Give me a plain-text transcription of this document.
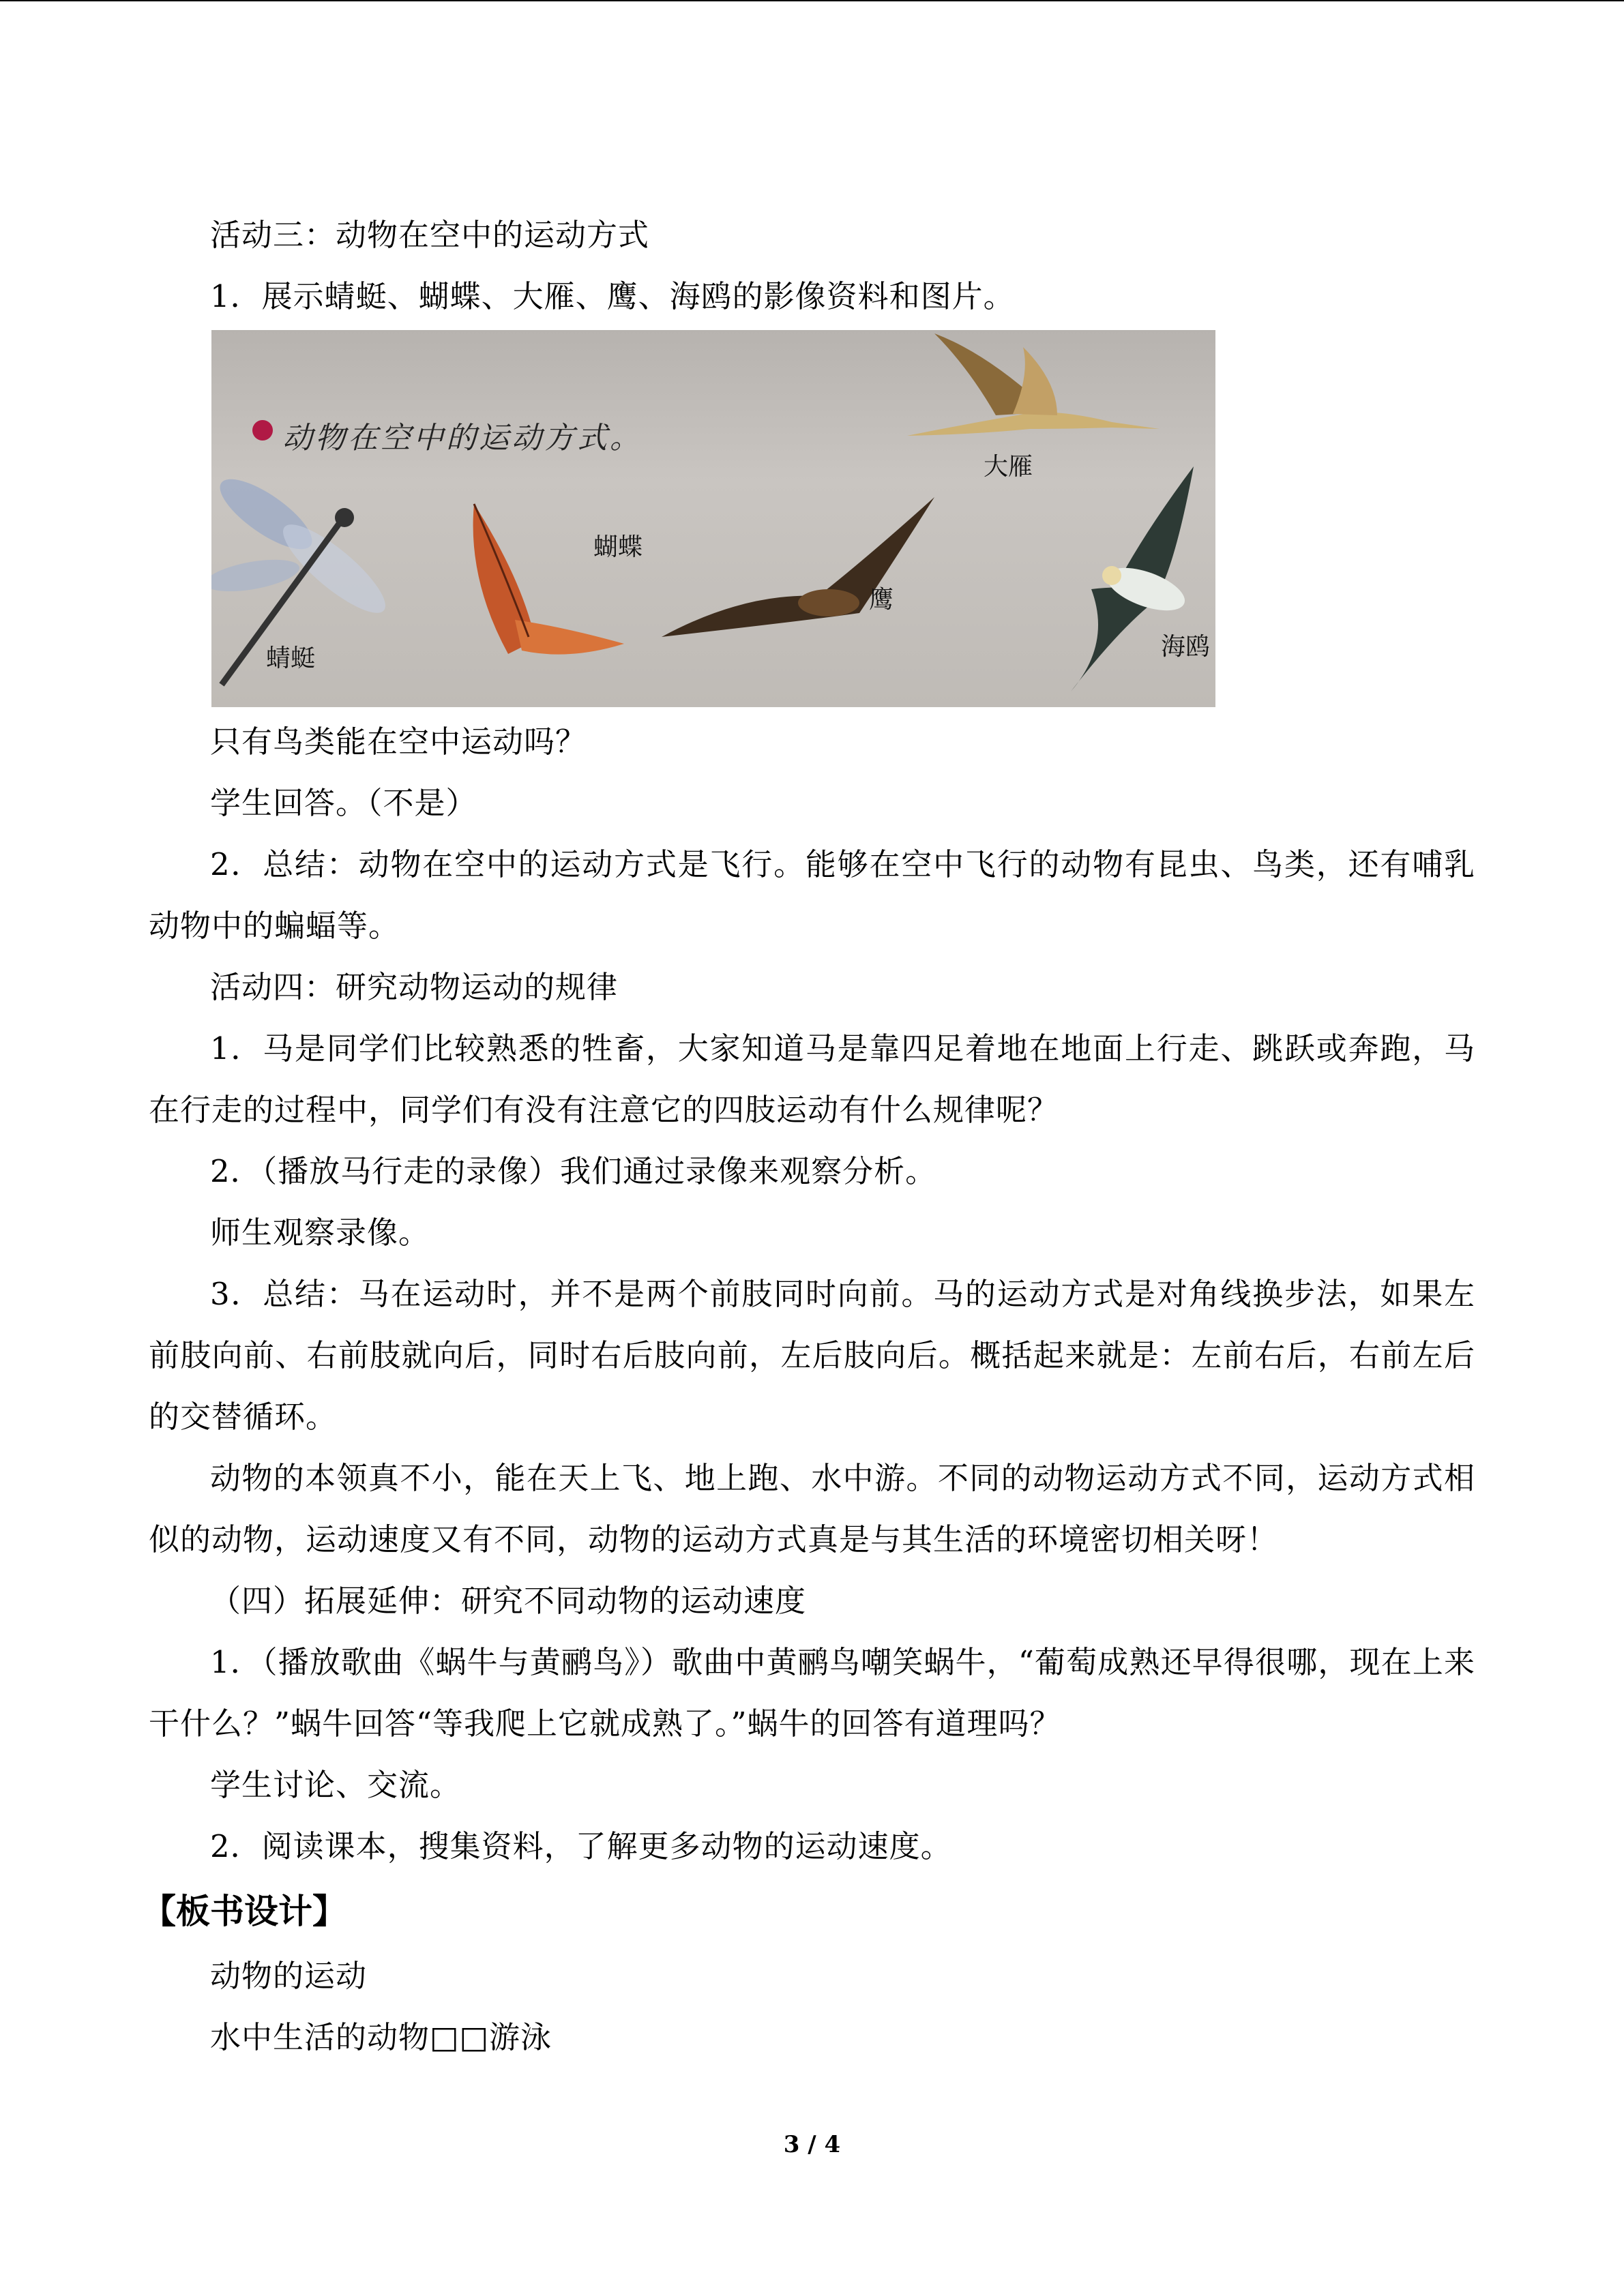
活动三：动物在空中的运动方式

1．展示蜻蜓、蝴蝶、大雁、鹰、海鸥的影像资料和图片。

动物在空中的运动方式。
大雁
蜻蜓
蝴蝶
鹰
海鸥

只有鸟类能在空中运动吗？

学生回答。（不是）

2．总结：动物在空中的运动方式是飞行。能够在空中飞行的动物有昆虫、鸟类，还有哺乳动物中的蝙蝠等。

活动四：研究动物运动的规律

1．马是同学们比较熟悉的牲畜，大家知道马是靠四足着地在地面上行走、跳跃或奔跑，马在行走的过程中，同学们有没有注意它的四肢运动有什么规律呢？

2．（播放马行走的录像）我们通过录像来观察分析。

师生观察录像。

3．总结：马在运动时，并不是两个前肢同时向前。马的运动方式是对角线换步法，如果左前肢向前、右前肢就向后，同时右后肢向前，左后肢向后。概括起来就是：左前右后，右前左后的交替循环。

动物的本领真不小，能在天上飞、地上跑、水中游。不同的动物运动方式不同，运动方式相似的动物，运动速度又有不同，动物的运动方式真是与其生活的环境密切相关呀！

（四）拓展延伸：研究不同动物的运动速度

1．（播放歌曲《蜗牛与黄鹂鸟》）歌曲中黄鹂鸟嘲笑蜗牛，“葡萄成熟还早得很哪，现在上来干什么？”蜗牛回答“等我爬上它就成熟了。”蜗牛的回答有道理吗？

学生讨论、交流。

2．阅读课本，搜集资料，了解更多动物的运动速度。

【板书设计】

动物的运动

水中生活的动物□□游泳

3 / 4
